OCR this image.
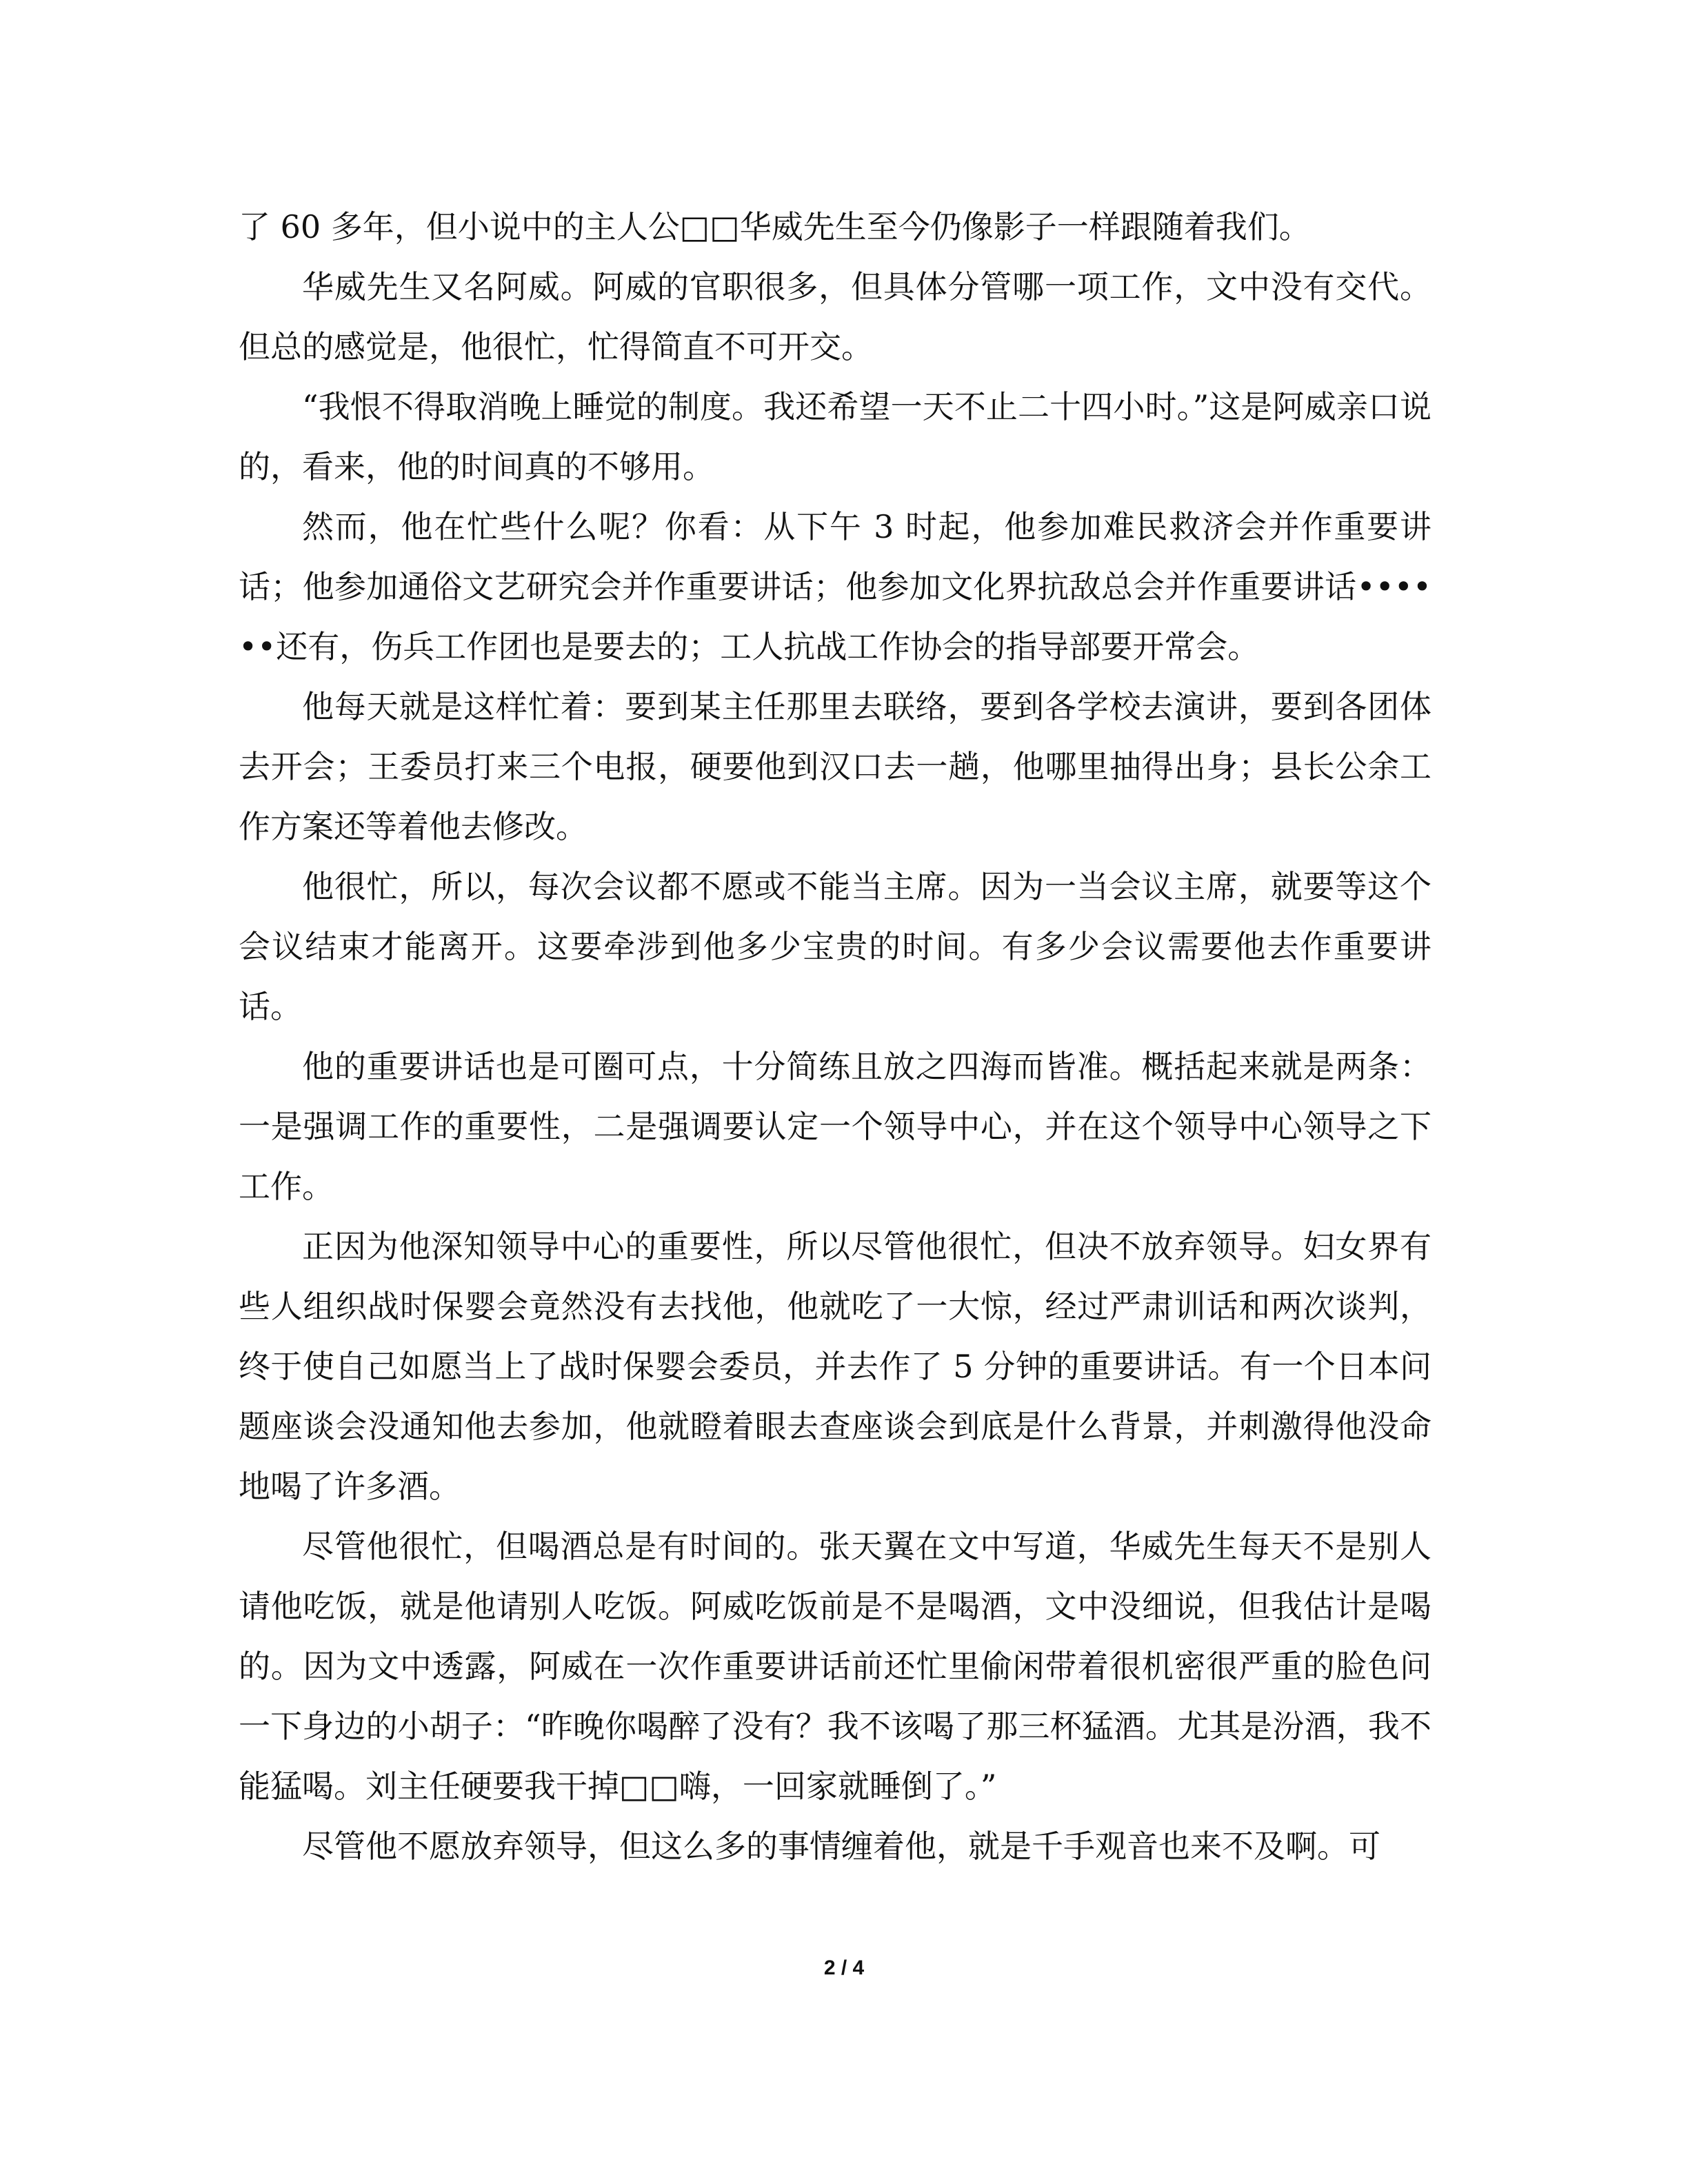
了 60 多年，但小说中的主人公□□华威先生至今仍像影子一样跟随着我们。

华威先生又名阿威。阿威的官职很多，但具体分管哪一项工作，文中没有交代。但总的感觉是，他很忙，忙得简直不可开交。

“我恨不得取消晚上睡觉的制度。我还希望一天不止二十四小时。”这是阿威亲口说的，看来，他的时间真的不够用。

然而，他在忙些什么呢？你看：从下午 3 时起，他参加难民救济会并作重要讲话；他参加通俗文艺研究会并作重要讲话；他参加文化界抗敌总会并作重要讲话••••••还有，伤兵工作团也是要去的；工人抗战工作协会的指导部要开常会。

他每天就是这样忙着：要到某主任那里去联络，要到各学校去演讲，要到各团体去开会；王委员打来三个电报，硬要他到汉口去一趟，他哪里抽得出身；县长公余工作方案还等着他去修改。

他很忙，所以，每次会议都不愿或不能当主席。因为一当会议主席，就要等这个会议结束才能离开。这要牵涉到他多少宝贵的时间。有多少会议需要他去作重要讲话。

他的重要讲话也是可圈可点，十分简练且放之四海而皆准。概括起来就是两条：一是强调工作的重要性，二是强调要认定一个领导中心，并在这个领导中心领导之下工作。

正因为他深知领导中心的重要性，所以尽管他很忙，但决不放弃领导。妇女界有些人组织战时保婴会竟然没有去找他，他就吃了一大惊，经过严肃训话和两次谈判，终于使自己如愿当上了战时保婴会委员，并去作了 5 分钟的重要讲话。有一个日本问题座谈会没通知他去参加，他就瞪着眼去查座谈会到底是什么背景，并刺激得他没命地喝了许多酒。

尽管他很忙，但喝酒总是有时间的。张天翼在文中写道，华威先生每天不是别人请他吃饭，就是他请别人吃饭。阿威吃饭前是不是喝酒，文中没细说，但我估计是喝的。因为文中透露，阿威在一次作重要讲话前还忙里偷闲带着很机密很严重的脸色问一下身边的小胡子：“昨晚你喝醉了没有？我不该喝了那三杯猛酒。尤其是汾酒，我不能猛喝。刘主任硬要我干掉□□嗨，一回家就睡倒了。”

尽管他不愿放弃领导，但这么多的事情缠着他，就是千手观音也来不及啊。可

2 / 4
